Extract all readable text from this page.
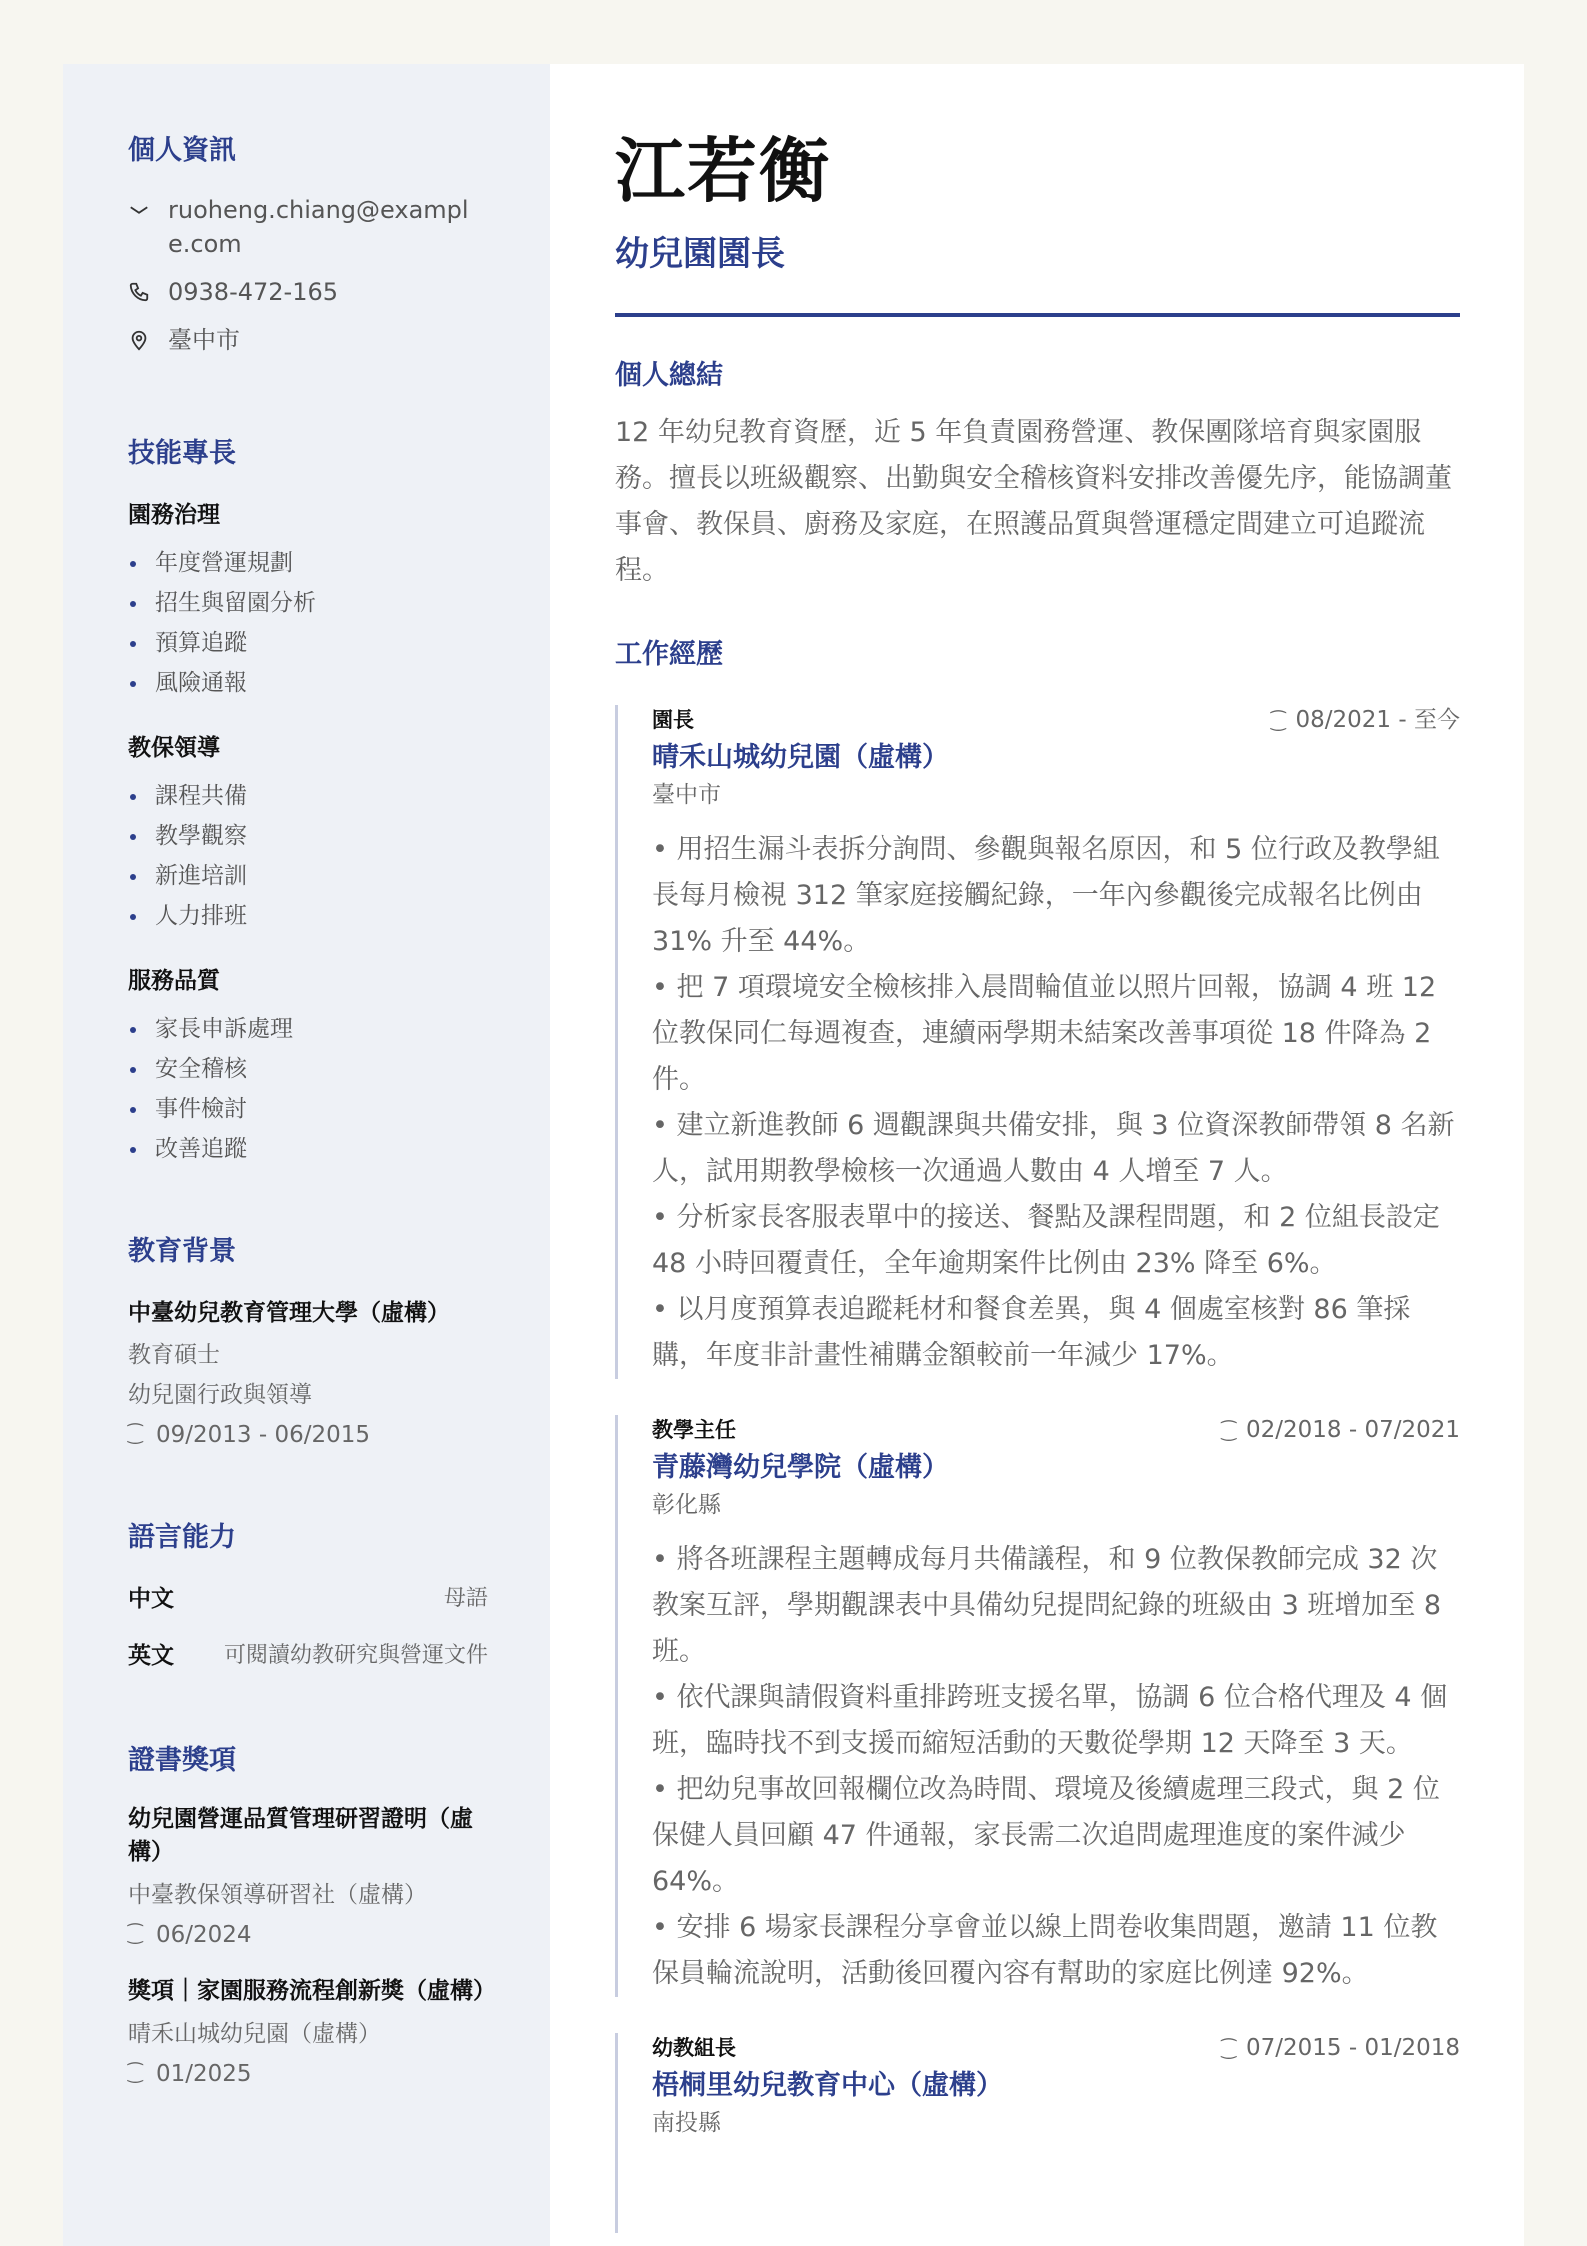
個人資訊
ruoheng.chiang@example.com
0938-472-165
臺中市
技能專長
園務治理
年度營運規劃
招生與留園分析
預算追蹤
風險通報
教保領導
課程共備
教學觀察
新進培訓
人力排班
服務品質
家長申訴處理
安全稽核
事件檢討
改善追蹤
教育背景
中臺幼兒教育管理大學（虛構）
教育碩士
幼兒園行政與領導
⁐ 09/2013 - 06/2015
語言能力
中文	母語
英文 可閱讀幼教研究與營運文件
證書獎項
幼兒園營運品質管理研習證明（虛構）
中臺教保領導研習社（虛構）
⁐ 06/2024
獎項｜家園服務流程創新獎（虛構）
晴禾山城幼兒園（虛構）
⁐ 01/2025
江若衡
幼兒園園長
個人總結
12 年幼兒教育資歷，近 5 年負責園務營運、教保團隊培育與家園服務。擅長以班級觀察、出勤與安全稽核資料安排改善優先序，能協調董事會、教保員、廚務及家庭，在照護品質與營運穩定間建立可追蹤流程。
工作經歷
園長	⁐ 08/2021 - 至今
晴禾山城幼兒園（虛構）
臺中市
• 用招生漏斗表拆分詢問、參觀與報名原因，和 5 位行政及教學組長每月檢視 312 筆家庭接觸紀錄，一年內參觀後完成報名比例由 31% 升至 44%。
• 把 7 項環境安全檢核排入晨間輪值並以照片回報，協調 4 班 12 位教保同仁每週複查，連續兩學期未結案改善事項從 18 件降為 2 件。
• 建立新進教師 6 週觀課與共備安排，與 3 位資深教師帶領 8 名新人，試用期教學檢核一次通過人數由 4 人增至 7 人。
• 分析家長客服表單中的接送、餐點及課程問題，和 2 位組長設定 48 小時回覆責任，全年逾期案件比例由 23% 降至 6%。
• 以月度預算表追蹤耗材和餐食差異，與 4 個處室核對 86 筆採購，年度非計畫性補購金額較前一年減少 17%。
教學主任	⁐ 02/2018 - 07/2021
青藤灣幼兒學院（虛構）
彰化縣
• 將各班課程主題轉成每月共備議程，和 9 位教保教師完成 32 次教案互評，學期觀課表中具備幼兒提問紀錄的班級由 3 班增加至 8 班。
• 依代課與請假資料重排跨班支援名單，協調 6 位合格代理及 4 個班，臨時找不到支援而縮短活動的天數從學期 12 天降至 3 天。
• 把幼兒事故回報欄位改為時間、環境及後續處理三段式，與 2 位保健人員回顧 47 件通報，家長需二次追問處理進度的案件減少 64%。
• 安排 6 場家長課程分享會並以線上問卷收集問題，邀請 11 位教保員輪流說明，活動後回覆內容有幫助的家庭比例達 92%。
幼教組長	⁐ 07/2015 - 01/2018
梧桐里幼兒教育中心（虛構）
南投縣
